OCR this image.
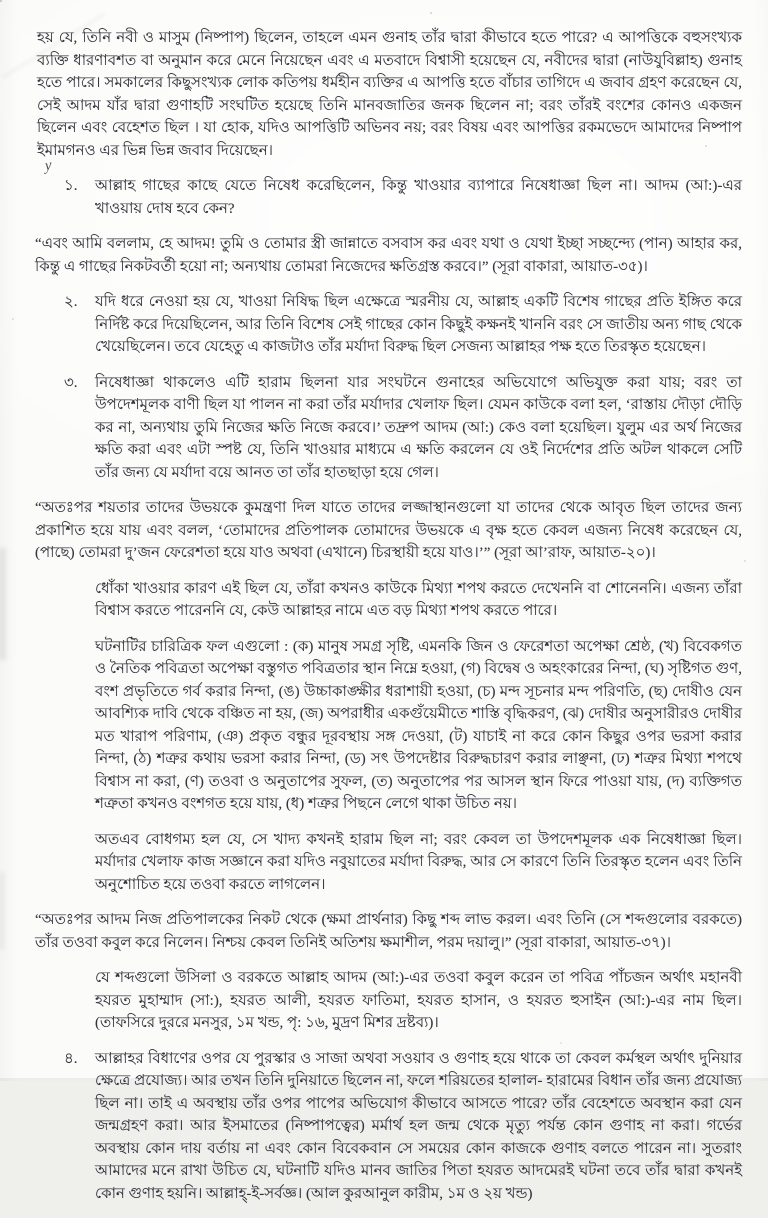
y

হয় যে, তিনি নবী ও মাসুম (নিষ্পাপ) ছিলেন, তাহলে এমন গুনাহ তাঁর দ্বারা কীভাবে হতে পারে? এ আপত্তিকে বহুসংখ্যক ব্যক্তি ধারণাবশত বা অনুমান করে মেনে নিয়েছেন এবং এ মতবাদে বিশ্বাসী হয়েছেন যে, নবীদের দ্বারা (নাউযুবিল্লাহ) গুনাহ হতে পারে। সমকালের কিছুসংখ্যক লোক কতিপয় ধর্মহীন ব্যক্তির এ আপত্তি হতে বাঁচার তাগিদে এ জবাব গ্রহণ করেছেন যে, সেই আদম যাঁর দ্বারা গুণাহটি সংঘটিত হয়েছে তিনি মানবজাতির জনক ছিলেন না; বরং তাঁরই বংশের কোনও একজন ছিলেন এবং বেহেশত ছিল । যা হোক, যদিও আপত্তিটি অভিনব নয়; বরং বিষয় এবং আপত্তির রকমভেদে আমাদের নিষ্পাপ ইমামগনও এর ভিন্ন ভিন্ন জবাব দিয়েছেন।

১.	আল্লাহ গাছের কাছে যেতে নিষেধ করেছিলেন, কিন্তু খাওয়ার ব্যাপারে নিষেধাজ্ঞা ছিল না। আদম (আ:)-এর খাওয়ায় দোষ হবে কেন?

“এবং আমি বললাম, হে আদম! তুমি ও তোমার স্ত্রী জান্নাতে বসবাস কর এবং যথা ও যেথা ইচ্ছা সচ্ছন্দ্যে (পান) আহার কর, কিন্তু এ গাছের নিকটবর্তী হয়ো না; অন্যথায় তোমরা নিজেদের ক্ষতিগ্রস্ত করবে।” (সূরা বাকারা, আয়াত-৩৫)।

২.	যদি ধরে নেওয়া হয় যে, খাওয়া নিষিদ্ধ ছিল এক্ষেত্রে স্মরনীয় যে, আল্লাহ একটি বিশেষ গাছের প্রতি ইঙ্গিত করে নির্দিষ্ট করে দিয়েছিলেন, আর তিনি বিশেষ সেই গাছের কোন কিছুই কক্ষনই খাননি বরং সে জাতীয় অন্য গাছ থেকে খেয়েছিলেন। তবে যেহেতু এ কাজটাও তাঁর মর্যাদা বিরুদ্ধ ছিল সেজন্য আল্লাহর পক্ষ হতে তিরস্কৃত হয়েছেন।
৩.	নিষেধাজ্ঞা থাকলেও এটি হারাম ছিলনা যার সংঘটনে গুনাহের অভিযোগে অভিযুক্ত করা যায়; বরং তা উপদেশমূলক বাণী ছিল যা পালন না করা তাঁর মর্যাদার খেলাফ ছিল। যেমন কাউকে বলা হল, ‘রাস্তায় দৌড়া দৌড়ি কর না, অন্যথায় তুমি নিজের ক্ষতি নিজে করবে।’ তদ্রুপ আদম (আ:) কেও বলা হয়েছিল। যুলুম এর অর্থ নিজের ক্ষতি করা এবং এটা স্পষ্ট যে, তিনি খাওয়ার মাধ্যমে এ ক্ষতি করলেন যে ওই নির্দেশের প্রতি অটল থাকলে সেটি তাঁর জন্য যে মর্যাদা বয়ে আনত তা তাঁর হাতছাড়া হয়ে গেল।

“অতঃপর শয়তার তাদের উভয়কে কুমন্ত্রণা দিল যাতে তাদের লজ্জাস্থানগুলো যা তাদের থেকে আবৃত ছিল তাদের জন্য প্রকাশিত হয়ে যায় এবং বলল, ‘তোমাদের প্রতিপালক তোমাদের উভয়কে এ বৃক্ষ হতে কেবল এজন্য নিষেধ করেছেন যে, (পাছে) তোমরা দু’জন ফেরেশতা হয়ে যাও অথবা (এখানে) চিরস্থায়ী হয়ে যাও।’” (সূরা আ’রাফ, আয়াত-২০)।

ধোঁকা খাওয়ার কারণ এই ছিল যে, তাঁরা কখনও কাউকে মিথ্যা শপথ করতে দেখেননি বা শোনেননি। এজন্য তাঁরা বিশ্বাস করতে পারেননি যে, কেউ আল্লাহর নামে এত বড় মিথ্যা শপথ করতে পারে।

ঘটনাটির চারিত্রিক ফল এগুলো : (ক) মানুষ সমগ্র সৃষ্টি, এমনকি জিন ও ফেরেশতা অপেক্ষা শ্রেষ্ঠ, (খ) বিবেকগত ও নৈতিক পবিত্রতা অপেক্ষা বস্তুগত পবিত্রতার স্থান নিম্নে হওয়া, (গ) বিদ্বেষ ও অহংকারের নিন্দা, (ঘ) সৃষ্টিগত গুণ, বংশ প্রভৃতিতে গর্ব করার নিন্দা, (ঙ) উচ্চাকাঙ্ক্ষীর ধরাশায়ী হওয়া, (চ) মন্দ সূচনার মন্দ পরিণতি, (ছ) দোষীও যেন আবশ্যিক দাবি থেকে বঞ্চিত না হয়, (জ) অপরাধীর একগুঁয়েমীতে শাস্তি বৃদ্ধিকরণ, (ঝ) দোষীর অনুসারীরও দোষীর মত খারাপ পরিণাম, (ঞ) প্রকৃত বন্ধুর দূরবস্থায় সঙ্গ দেওয়া, (ট) যাচাই না করে কোন কিছুর ওপর ভরসা করার নিন্দা, (ঠ) শত্রুর কথায় ভরসা করার নিন্দা, (ড) সৎ উপদেষ্টার বিরুদ্ধচারণ করার লাঞ্ছনা, (ঢ) শত্রুর মিথ্যা শপথে বিশ্বাস না করা, (ণ) তওবা ও অনুতাপের সুফল, (ত) অনুতাপের পর আসল স্থান ফিরে পাওয়া যায়, (দ) ব্যক্তিগত শত্রুতা কখনও বংশগত হয়ে যায়, (ধ) শত্রুর পিছনে লেগে থাকা উচিত নয়।

অতএব বোধগম্য হল যে, সে খাদ্য কখনই হারাম ছিল না; বরং কেবল তা উপদেশমূলক এক নিষেধাজ্ঞা ছিল। মর্যাদার খেলাফ কাজ সজ্ঞানে করা যদিও নবুয়াতের মর্যাদা বিরুদ্ধ, আর সে কারণে তিনি তিরস্কৃত হলেন এবং তিনি অনুশোচিত হয়ে তওবা করতে লাগলেন।

“অতঃপর আদম নিজ প্রতিপালকের নিকট থেকে (ক্ষমা প্রার্থনার) কিছু শব্দ লাভ করল। এবং তিনি (সে শব্দগুলোর বরকতে) তাঁর তওবা কবুল করে নিলেন। নিশ্চয় কেবল তিনিই অতিশয় ক্ষমাশীল, পরম দয়ালু।” (সূরা বাকারা, আয়াত-৩৭)।

যে শব্দগুলো উসিলা ও বরকতে আল্লাহ আদম (আ:)-এর তওবা কবুল করেন তা পবিত্র পাঁচজন অর্থাৎ মহানবী হযরত মুহাম্মাদ (সা:), হযরত আলী, হযরত ফাতিমা, হযরত হাসান, ও হযরত হুসাইন (আ:)-এর নাম ছিল।(তাফসিরে দুররে মনসুর, ১ম খন্ড, পৃ: ১৬, মুদ্রণ মিশর দ্রষ্টব্য)।

৪.	আল্লাহর বিধাণের ওপর যে পুরস্কার ও সাজা অথবা সওয়াব ও গুণাহ হয়ে থাকে তা কেবল কর্মস্থল অর্থাৎ দুনিয়ার ক্ষেত্রে প্রযোজ্য। আর তখন তিনি দুনিয়াতে ছিলেন না, ফলে শরিয়তের হালাল- হারামের বিধান তাঁর জন্য প্রযোজ্য ছিল না। তাই এ অবস্থায় তাঁর ওপর পাপের অভিযোগ কীভাবে আসতে পারে? তাঁর বেহেশতে অবস্থান করা যেন জন্মগ্রহণ করা। আর ইসমাতের (নিষ্পাপত্বের) মর্মার্থ হল জন্ম থেকে মৃত্যু পর্যন্ত কোন গুণাহ না করা। গর্ভের অবস্থায় কোন দায় বর্তায় না এবং কোন বিবেকবান সে সময়ের কোন কাজকে গুণাহ বলতে পারেন না। সুতরাং আমাদের মনে রাখা উচিত যে, ঘটনাটি যদিও মানব জাতির পিতা হযরত আদমেরই ঘটনা তবে তাঁর দ্বারা কখনই কোন গুণাহ হয়নি। আল্লাহ্-ই-সর্বজ্ঞ। (আল কুরআনুল কারীম, ১ম ও ২য় খন্ড)
